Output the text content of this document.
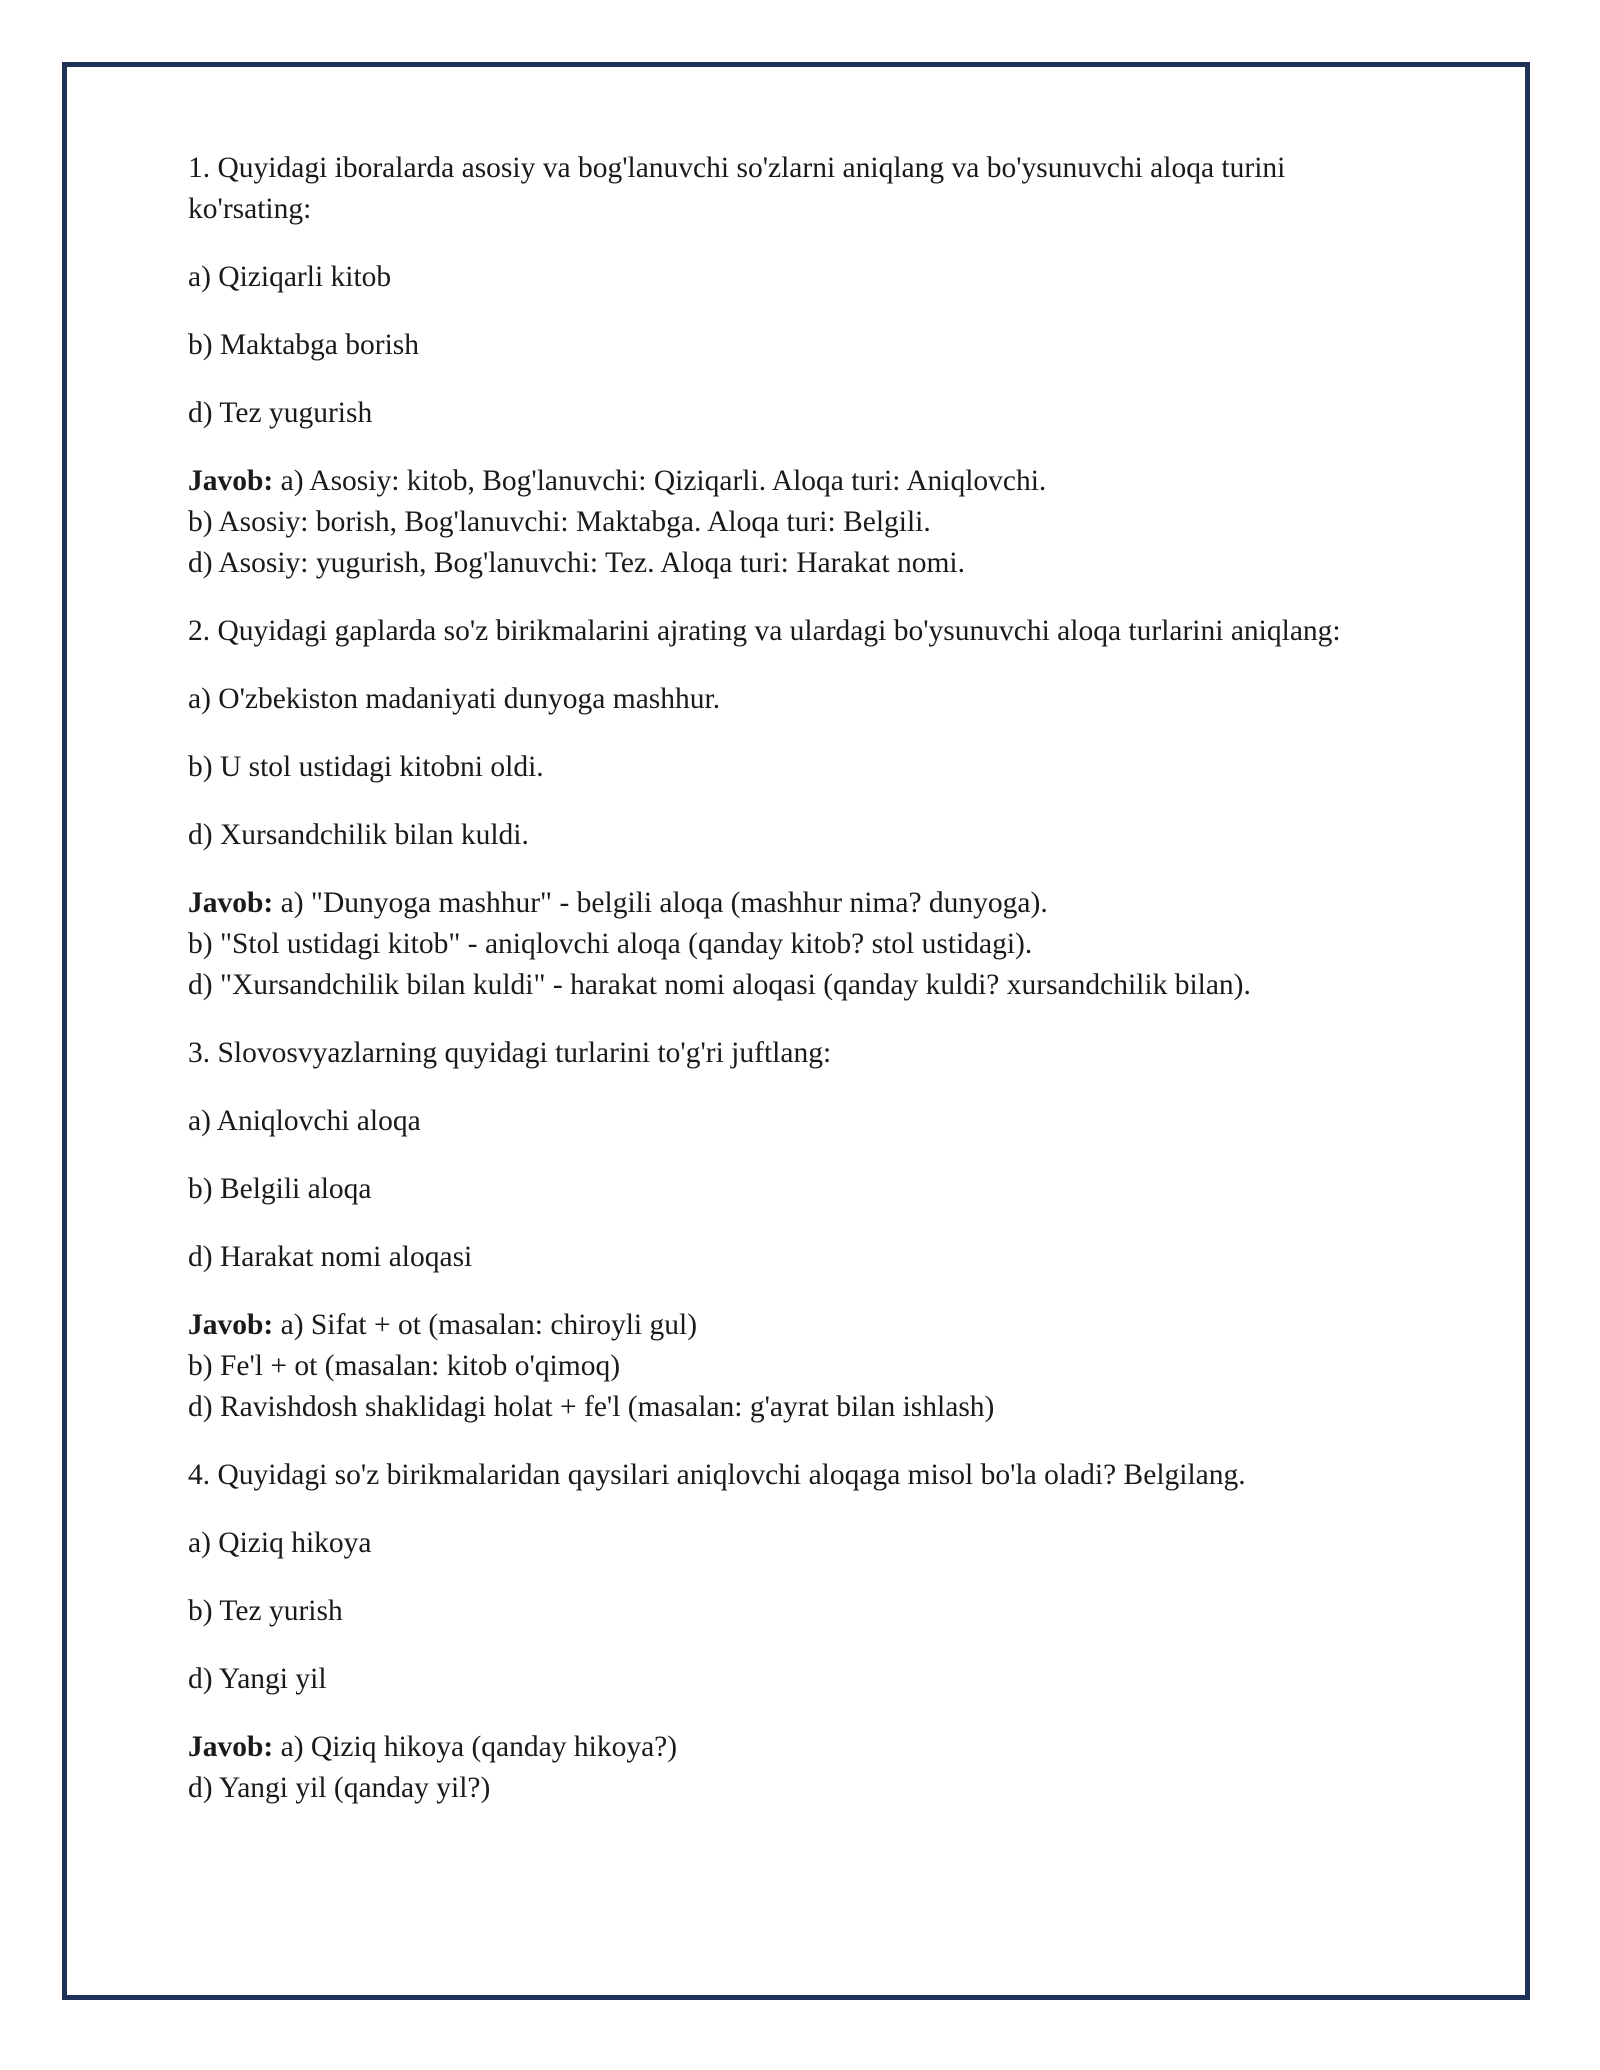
1. Quyidagi iboralarda asosiy va bog'lanuvchi so'zlarni aniqlang va bo'ysunuvchi aloqa turini ko'rsating:
a) Qiziqarli kitob
b) Maktabga borish
d) Tez yugurish
Javob: a) Asosiy: kitob, Bog'lanuvchi: Qiziqarli. Aloqa turi: Aniqlovchi.
b) Asosiy: borish, Bog'lanuvchi: Maktabga. Aloqa turi: Belgili.
d) Asosiy: yugurish, Bog'lanuvchi: Tez. Aloqa turi: Harakat nomi.
2. Quyidagi gaplarda so'z birikmalarini ajrating va ulardagi bo'ysunuvchi aloqa turlarini aniqlang:
a) O'zbekiston madaniyati dunyoga mashhur.
b) U stol ustidagi kitobni oldi.
d) Xursandchilik bilan kuldi.
Javob: a) "Dunyoga mashhur" - belgili aloqa (mashhur nima? dunyoga).
b) "Stol ustidagi kitob" - aniqlovchi aloqa (qanday kitob? stol ustidagi).
d) "Xursandchilik bilan kuldi" - harakat nomi aloqasi (qanday kuldi? xursandchilik bilan).
3. Slovosvyazlarning quyidagi turlarini to'g'ri juftlang:
a) Aniqlovchi aloqa
b) Belgili aloqa
d) Harakat nomi aloqasi
Javob: a) Sifat + ot (masalan: chiroyli gul)
b) Fe'l + ot (masalan: kitob o'qimoq)
d) Ravishdosh shaklidagi holat + fe'l (masalan: g'ayrat bilan ishlash)
4. Quyidagi so'z birikmalaridan qaysilari aniqlovchi aloqaga misol bo'la oladi? Belgilang.
a) Qiziq hikoya
b) Tez yurish
d) Yangi yil
Javob: a) Qiziq hikoya (qanday hikoya?)
d) Yangi yil (qanday yil?)
